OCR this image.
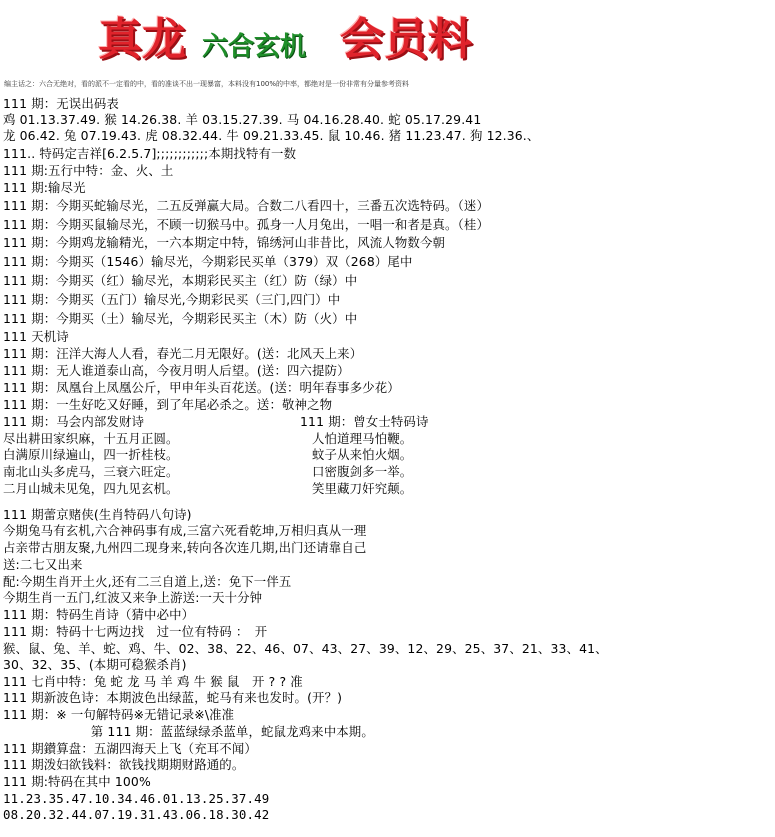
真龙 六合玄机 会员料
编主话之：六合无绝对，看的派不一定看的中，看的准谈不出一现暴富，本料没有100%的中率，都绝对是一份非常有分量参考资料
111 期：无误出码表
鸡 01.13.37.49. 猴 14.26.38. 羊 03.15.27.39. 马 04.16.28.40. 蛇 05.17.29.41
龙 06.42. 兔 07.19.43. 虎 08.32.44. 牛 09.21.33.45. 鼠 10.46. 猪 11.23.47. 狗 12.36.、
111.. 特码定吉祥[6.2.5.7];;;;;;;;;;;;本期找特有一数
111 期:五行中特：金、火、土
111 期:输尽光
111 期：今期买蛇输尽光，二五反弹赢大局。合数二八看四十，三番五次选特码。（迷）
111 期：今期买鼠输尽光，不顾一切猴马中。孤身一人月兔出，一唱一和者是真。（桂）
111 期：今期鸡龙输精光，一六本期定中特，锦绣河山非昔比，风流人物数今朝
111 期：今期买（1546）输尽光，今期彩民买单（379）双（268）尾中
111 期：今期买（红）输尽光，本期彩民买主（红）防（绿）中
111 期：今期买（五门）输尽光,今期彩民买（三门,四门）中
111 期：今期买（土）输尽光，今期彩民买主（木）防（火）中
111 天机诗
111 期：汪洋大海人人看，春光二月无限好。(送：北风天上来）
111 期：无人谁道泰山高，今夜月明人后望。(送：四六提防）
111 期：凤凰台上凤凰公斤，甲申年头百花送。(送：明年春事多少花）
111 期：一生好吃又好睡，到了年尾必杀之。送：敬神之物
111 期：马会内部发财诗
尽出耕田家织麻，十五月正圆。
白满原川绿遍山，四一折桂枝。
南北山头多虎马，三衰六旺定。
二月山城未见兔，四九见玄机。
111 期蕾京赌侠(生肖特码八句诗)
今期兔马有玄机,六合神码事有成,三富六死看乾坤,万相归真从一理
占亲带古朋友聚,九州四二现身来,转向各次连几期,出门还请靠自己
送:二七又出来
配:今期生肖开土火,还有二三自道上,送：免下一伴五
今期生肖一五门,红波又来争上游送:一天十分钟
111 期：特码生肖诗（猜中必中）
111 期：特码十七两边找　过一位有特码 ：　开
猴、鼠、兔、羊、蛇、鸡、牛、02、38、22、46、07、43、27、39、12、29、25、37、21、33、41、
30、32、35、(本期可稳猴杀肖)
111 七肖中特：兔 蛇 龙 马 羊 鸡 牛 猴 鼠　开 ? ? 准
111 期新波色诗：本期波色出绿蓝，蛇马有来也发时。(开？)
111 期：※ 一句解特码※无错记录※\准准
　　　　　　　第 111 期：蓝蓝绿绿杀蓝单，蛇鼠龙鸡来中本期。
111 期鑚算盘：五湖四海天上飞（充耳不闻）
111 期泼妇欲钱料：欲钱找期期财路通的。
111 期:特码在其中 100%
11.23.35.47.10.34.46.01.13.25.37.49
08.20.32.44.07.19.31.43.06.18.30.42
111 期：曾女士特码诗
人怕道理马怕鞭。
蚊子从来怕火烟。
口密腹剑多一举。
笑里藏刀奸究颠。
